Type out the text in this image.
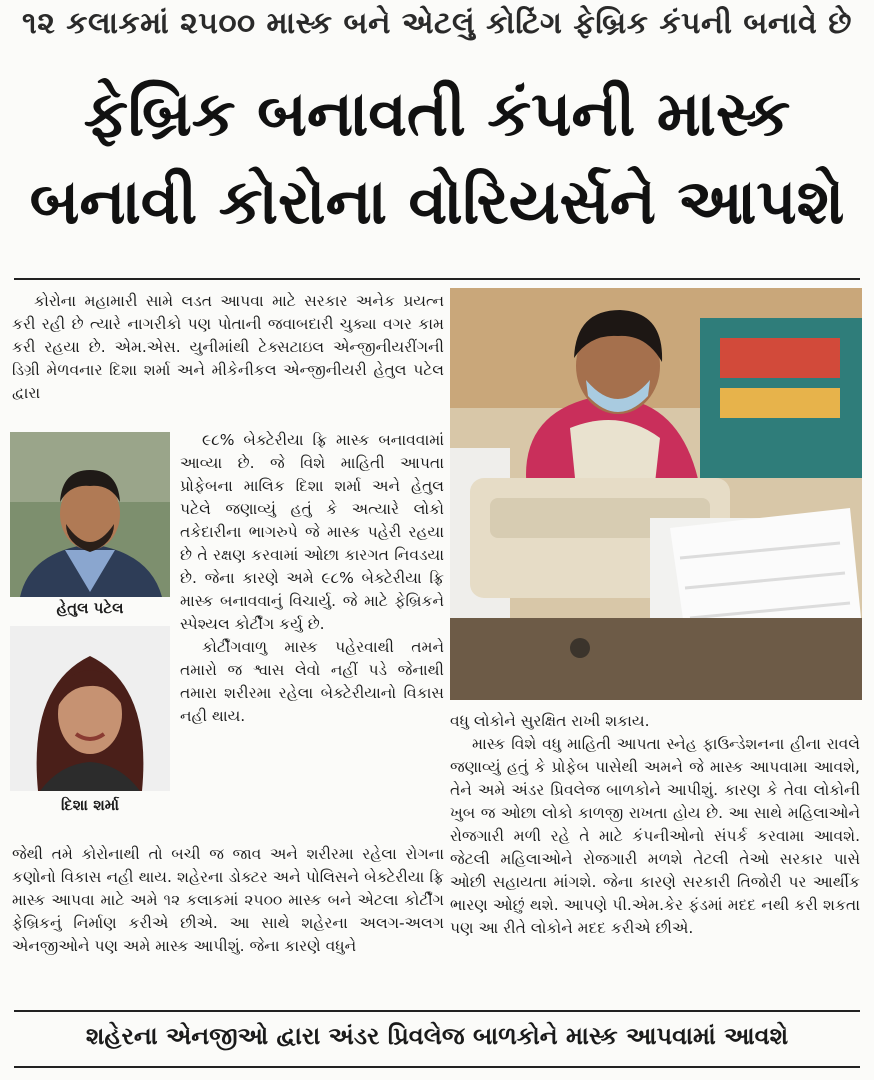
૧૨ કલાકમાં ૨૫૦૦ માસ્ક બને એટલું કોટિંગ ફેબ્રિક કંપની બનાવે છે
ફેબ્રિક બનાવતી કંપની માસ્ક
બનાવી કોરોના વોરિયર્સને આપશે

કોરોના મહામારી સામે લડત આપવા માટે સરકાર અનેક પ્રયત્ન કરી રહી છે ત્યારે નાગરીકો પણ પોતાની જવાબદારી ચુક્યા વગર કામ કરી રહયા છે. એમ.એસ. યુનીમાંથી ટેક્સટાઇલ એન્જીનીયરીંગની ડિગ્રી મેળવનાર દિશા શર્મા અને મીકેનીકલ એન્જીનીયરી હેતુલ પટેલ દ્વારા

હેતુલ પટેલ
દિશા શર્મા

૯૮% બેક્ટેરીયા ફ્રિ માસ્ક બનાવવામાં આવ્યા છે. જે વિશે માહિતી આપતા પ્રોફેબના માલિક દિશા શર્મા અને હેતુલ પટેલે જણાવ્યું હતું કે અત્યારે લોકો તકેદારીના ભાગરુપે જે માસ્ક પહેરી રહયા છે તે રક્ષણ કરવામાં ઓછા કારગત નિવડયા છે. જેના કારણે અમે ૯૮% બેક્ટેરીયા ફ્રિ માસ્ક બનાવવાનું વિચાર્યુ. જે માટે ફેબ્રિકને સ્પેશ્યલ કોર્ટીંગ કર્યુ છે.

કોર્ટીંગવાળુ માસ્ક પહેરવાથી તમને તમારો જ શ્વાસ લેવો નહીં પડે જેનાથી તમારા શરીરમા રહેલા બેક્ટેરીયાનો વિકાસ નહી થાય.

જેથી તમે કોરોનાથી તો બચી જ જાવ અને શરીરમા રહેલા રોગના કણોનો વિકાસ નહી થાય. શહેરના ડોક્ટર અને પોલિસને બેક્ટેરીયા ફ્રિ માસ્ક આપવા માટે અમે ૧૨ કલાકમાં ૨૫૦૦ માસ્ક બને એટલા કોર્ટીંગ ફેબ્રિકનું નિર્માણ કરીએ છીએ. આ સાથે શહેરના અલગ-અલગ એનજીઓને પણ અમે માસ્ક આપીશું. જેના કારણે વધુને

વધુ લોકોને સુરક્ષિત રાખી શકાય.

માસ્ક વિશે વધુ માહિતી આપતા સ્નેહ ફાઉન્ડેશનના હીના રાવલે જણાવ્યું હતું કે પ્રોફેબ પાસેથી અમને જે માસ્ક આપવામા આવશે, તેને અમે અંડર પ્રિવલેજ બાળકોને આપીશું. કારણ કે તેવા લોકોની ખુબ જ ઓછા લોકો કાળજી રાખતા હોય છે. આ સાથે મહિલાઓને રોજગારી મળી રહે તે માટે કંપનીઓનો સંપર્ક કરવામા આવશે. જેટલી મહિલાઓને રોજગારી મળશે તેટલી તેઓ સરકાર પાસે ઓછી સહાયતા માંગશે. જેના કારણે સરકારી તિજોરી પર આર્થીક ભારણ ઓછું થશે. આપણે પી.એમ.કેર ફંડમાં મદદ નથી કરી શકતા પણ આ રીતે લોકોને મદદ કરીએ છીએ.

શહેરના એનજીઓ દ્વારા અંડર પ્રિવલેજ બાળકોને માસ્ક આપવામાં આવશે
